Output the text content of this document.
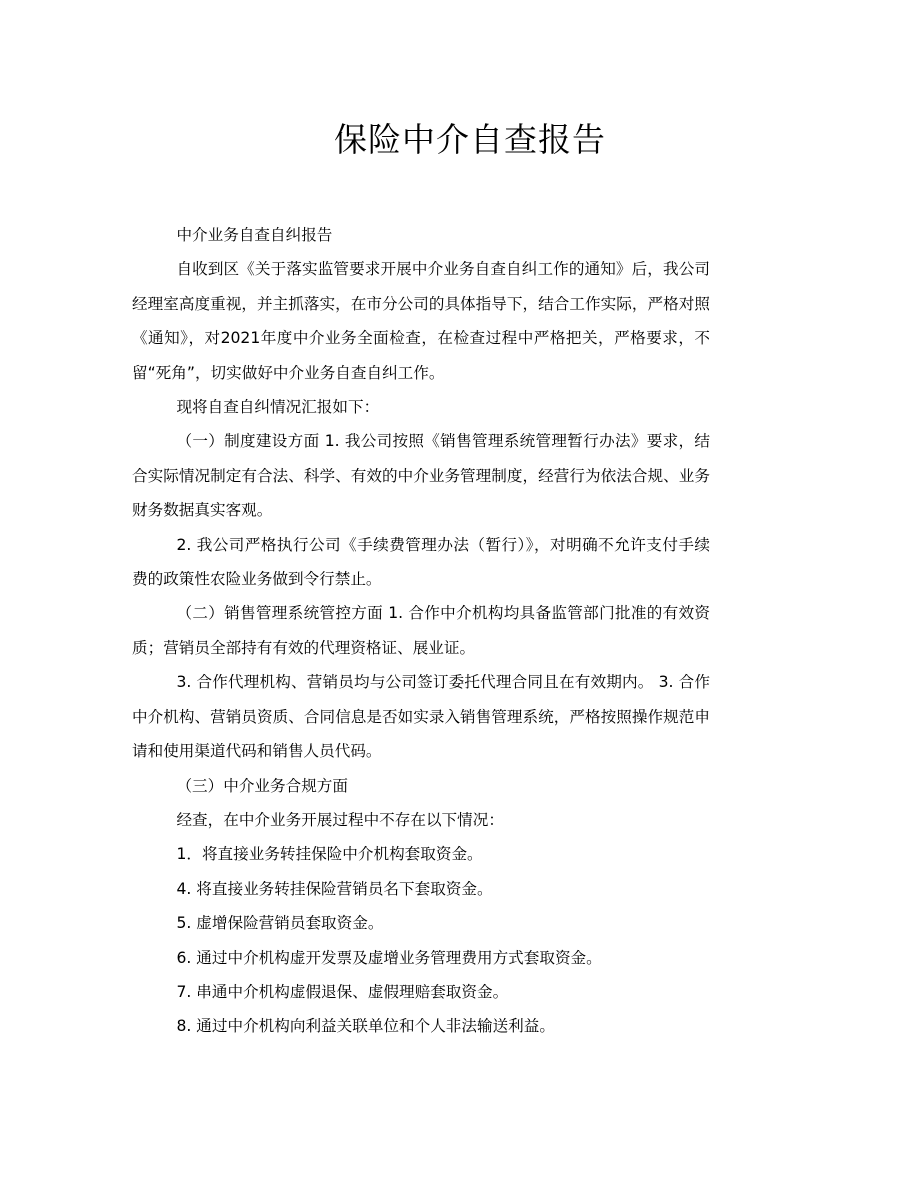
保险中介自查报告

中介业务自查自纠报告

自收到区《关于落实监管要求开展中介业务自查自纠工作的通知》后，我公司经理室高度重视，并主抓落实，在市分公司的具体指导下，结合工作实际，严格对照《通知》，对2021年度中介业务全面检查，在检查过程中严格把关，严格要求，不留“死角”，切实做好中介业务自查自纠工作。

现将自查自纠情况汇报如下：

（一）制度建设方面 1. 我公司按照《销售管理系统管理暂行办法》要求，结合实际情况制定有合法、科学、有效的中介业务管理制度，经营行为依法合规、业务财务数据真实客观。

2. 我公司严格执行公司《手续费管理办法（暂行）》，对明确不允许支付手续费的政策性农险业务做到令行禁止。

（二）销售管理系统管控方面 1. 合作中介机构均具备监管部门批准的有效资质；营销员全部持有有效的代理资格证、展业证。

3. 合作代理机构、营销员均与公司签订委托代理合同且在有效期内。 3. 合作中介机构、营销员资质、合同信息是否如实录入销售管理系统，严格按照操作规范申请和使用渠道代码和销售人员代码。

（三）中介业务合规方面

经查，在中介业务开展过程中不存在以下情况：

1．将直接业务转挂保险中介机构套取资金。

4. 将直接业务转挂保险营销员名下套取资金。

5. 虚增保险营销员套取资金。

6. 通过中介机构虚开发票及虚增业务管理费用方式套取资金。

7. 串通中介机构虚假退保、虚假理赔套取资金。

8. 通过中介机构向利益关联单位和个人非法输送利益。
